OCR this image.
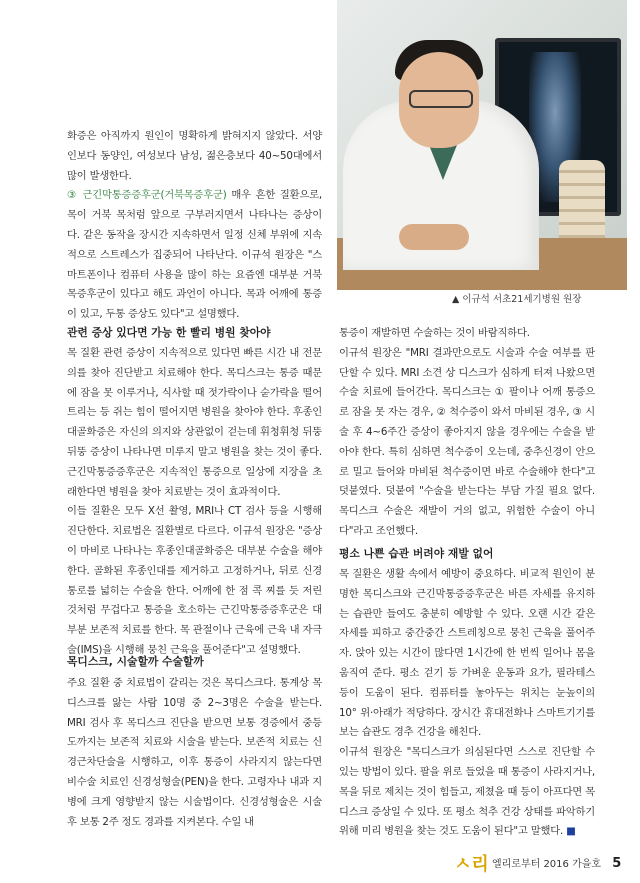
▲ 이규석 서초21세기병원 원장

화증은 아직까지 원인이 명확하게 밝혀지지 않았다. 서양인보다 동양인, 여성보다 남성, 젊은층보다 40~50대에서 많이 발생한다.

③ 근긴막통증증후군(거북목증후군) 매우 흔한 질환으로, 목이 거북 목처럼 앞으로 구부러지면서 나타나는 증상이다. 같은 동작을 장시간 지속하면서 일정 신체 부위에 지속적으로 스트레스가 집중되어 나타난다. 이규석 원장은 "스마트폰이나 컴퓨터 사용을 많이 하는 요즘엔 대부분 거북목증후군이 있다고 해도 과언이 아니다. 목과 어깨에 통증이 있고, 두통 증상도 있다"고 설명했다.

관련 증상 있다면 가능 한 빨리 병원 찾아야

목 질환 관련 증상이 지속적으로 있다면 빠른 시간 내 전문의를 찾아 진단받고 치료해야 한다. 목디스크는 통증 때문에 잠을 못 이루거나, 식사할 때 젓가락이나 숟가락을 떨어트리는 등 쥐는 힘이 떨어지면 병원을 찾아야 한다. 후종인대골화증은 자신의 의지와 상관없이 걷는데 휘청휘청 뒤뚱뒤뚱 증상이 나타나면 미루지 말고 병원을 찾는 것이 좋다. 근긴막통증증후군은 지속적인 통증으로 일상에 지장을 초래한다면 병원을 찾아 치료받는 것이 효과적이다.

이들 질환은 모두 X선 촬영, MRI나 CT 검사 등을 시행해 진단한다. 치료법은 질환별로 다르다. 이규석 원장은 "증상이 마비로 나타나는 후종인대골화증은 대부분 수술을 해야 한다. 골화된 후종인대를 제거하고 고정하거나, 뒤로 신경통로를 넓히는 수술을 한다. 어깨에 한 점 콕 찌를 듯 저린 것처럼 무겁다고 통증을 호소하는 근긴막통증증후군은 대부분 보존적 치료를 한다. 목 관절이나 근육에 근육 내 자극술(IMS)을 시행해 뭉친 근육을 풀어준다"고 설명했다.

목디스크, 시술할까 수술할까

주요 질환 중 치료법이 갈리는 것은 목디스크다. 통계상 목디스크를 앓는 사람 10명 중 2~3명은 수술을 받는다. MRI 검사 후 목디스크 진단을 받으면 보통 경증에서 중등도까지는 보존적 치료와 시술을 받는다. 보존적 치료는 신경근차단술을 시행하고, 이후 통증이 사라지지 않는다면 비수술 치료인 신경성형술(PEN)을 한다. 고령자나 내과 지병에 크게 영향받지 않는 시술법이다. 신경성형술은 시술 후 보통 2주 정도 경과를 지켜본다. 수일 내

통증이 재발하면 수술하는 것이 바람직하다.

이규석 원장은 "MRI 결과만으로도 시술과 수술 여부를 판단할 수 있다. MRI 소견 상 디스크가 심하게 터져 나왔으면 수술 치료에 들어간다. 목디스크는 ① 팔이나 어깨 통증으로 잠을 못 자는 경우, ② 척수증이 와서 마비된 경우, ③ 시술 후 4~6주간 증상이 좋아지지 않을 경우에는 수술을 받아야 한다. 특히 심하면 척수증이 오는데, 중추신경이 안으로 밀고 들어와 마비된 척수증이면 바로 수술해야 한다"고 덧붙였다. 덧붙여 "수술을 받는다는 부담 가질 필요 없다. 목디스크 수술은 재발이 거의 없고, 위험한 수술이 아니다"라고 조언했다.

평소 나쁜 습관 버려야 재발 없어

목 질환은 생활 속에서 예방이 중요하다. 비교적 원인이 분명한 목디스크와 근긴막통증증후군은 바른 자세를 유지하는 습관만 들여도 충분히 예방할 수 있다. 오랜 시간 같은 자세를 피하고 중간중간 스트레칭으로 뭉친 근육을 풀어주자. 앉아 있는 시간이 많다면 1시간에 한 번씩 일어나 몸을 움직여 준다. 평소 걷기 등 가벼운 운동과 요가, 필라테스 등이 도움이 된다. 컴퓨터를 놓아두는 위치는 눈높이의 10° 위·아래가 적당하다. 장시간 휴대전화나 스마트기기를 보는 습관도 경추 건강을 해친다.

이규석 원장은 "목디스크가 의심된다면 스스로 진단할 수 있는 방법이 있다. 팔을 위로 들었을 때 통증이 사라지거나, 목을 뒤로 제치는 것이 힘들고, 제쳤을 때 등이 아프다면 목디스크 증상일 수 있다. 또 평소 척추 건강 상태를 파악하기 위해 미리 병원을 찾는 것도 도움이 된다"고 말했다. ■

ㅅ리 엘리로부터 2016 가을호 5
